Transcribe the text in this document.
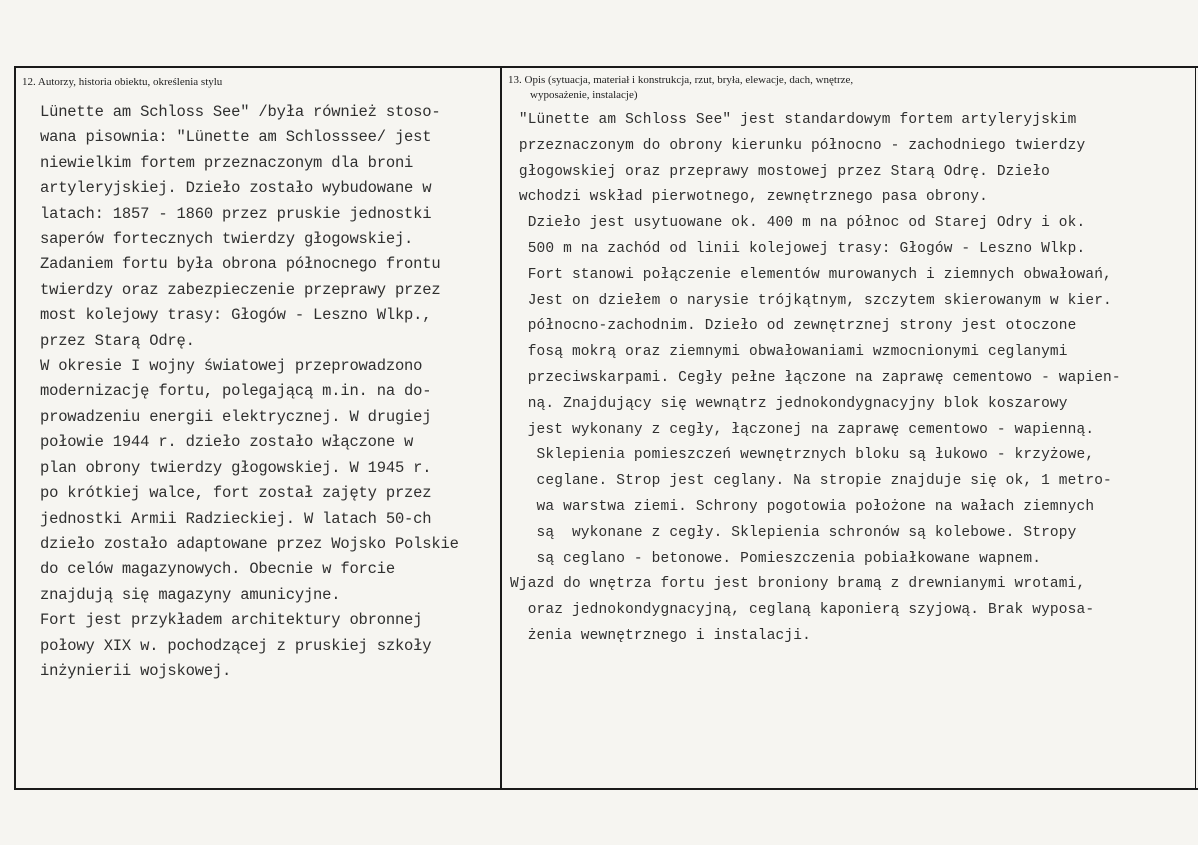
12. Autorzy, historia obiektu, określenia stylu	13. Opis (sytuacja, materiał i konstrukcja, rzut, bryła, elewacje, dach, wnętrze,
wyposażenie, instalacje)
Lünette am Schloss See" /była również stoso-
wana pisownia: "Lünette am Schlosssee/ jest
niewielkim fortem przeznaczonym dla broni
artyleryjskiej. Dzieło zostało wybudowane w
latach: 1857 - 1860 przez pruskie jednostki
saperów fortecznych twierdzy głogowskiej.
Zadaniem fortu była obrona północnego frontu
twierdzy oraz zabezpieczenie przeprawy przez
most kolejowy trasy: Głogów - Leszno Wlkp.,
przez Starą Odrę.
W okresie I wojny światowej przeprowadzono
modernizację fortu, polegającą m.in. na do-
prowadzeniu energii elektrycznej. W drugiej
połowie 1944 r. dzieło zostało włączone w
plan obrony twierdzy głogowskiej. W 1945 r.
po krótkiej walce, fort został zajęty przez
jednostki Armii Radzieckiej. W latach 50-ch
dzieło zostało adaptowane przez Wojsko Polskie
do celów magazynowych. Obecnie w forcie
znajdują się magazyny amunicyjne.
Fort jest przykładem architektury obronnej
połowy XIX w. pochodzącej z pruskiej szkoły
inżynierii wojskowej.
"Lünette am Schloss See" jest standardowym fortem artyleryjskim
przeznaczonym do obrony kierunku północno - zachodniego twierdzy
głogowskiej oraz przeprawy mostowej przez Starą Odrę. Dzieło
wchodzi wskład pierwotnego, zewnętrznego pasa obrony.
Dzieło jest usytuowane ok. 400 m na północ od Starej Odry i ok.
500 m na zachód od linii kolejowej trasy: Głogów - Leszno Wlkp.
Fort stanowi połączenie elementów murowanych i ziemnych obwałowań,
Jest on dziełem o narysie trójkątnym, szczytem skierowanym w kier.
północno-zachodnim. Dzieło od zewnętrznej strony jest otoczone
fosą mokrą oraz ziemnymi obwałowaniami wzmocnionymi ceglanymi
przeciwskarpami. Cegły pełne łączone na zaprawę cementowo - wapien-
ną. Znajdujący się wewnątrz jednokondygnacyjny blok koszarowy
jest wykonany z cegły, łączonej na zaprawę cementowo - wapienną.
Sklepienia pomieszczeń wewnętrznych bloku są łukowo - krzyżowe,
ceglane. Strop jest ceglany. Na stropie znajduje się ok, 1 metro-
wa warstwa ziemi. Schrony pogotowia położone na wałach ziemnych
są  wykonane z cegły. Sklepienia schronów są kolebowe. Stropy
są ceglano - betonowe. Pomieszczenia pobiałkowane wapnem.
Wjazd do wnętrza fortu jest broniony bramą z drewnianymi wrotami,
oraz jednokondygnacyjną, ceglaną kaponierą szyjową. Brak wyposa-
żenia wewnętrznego i instalacji.
